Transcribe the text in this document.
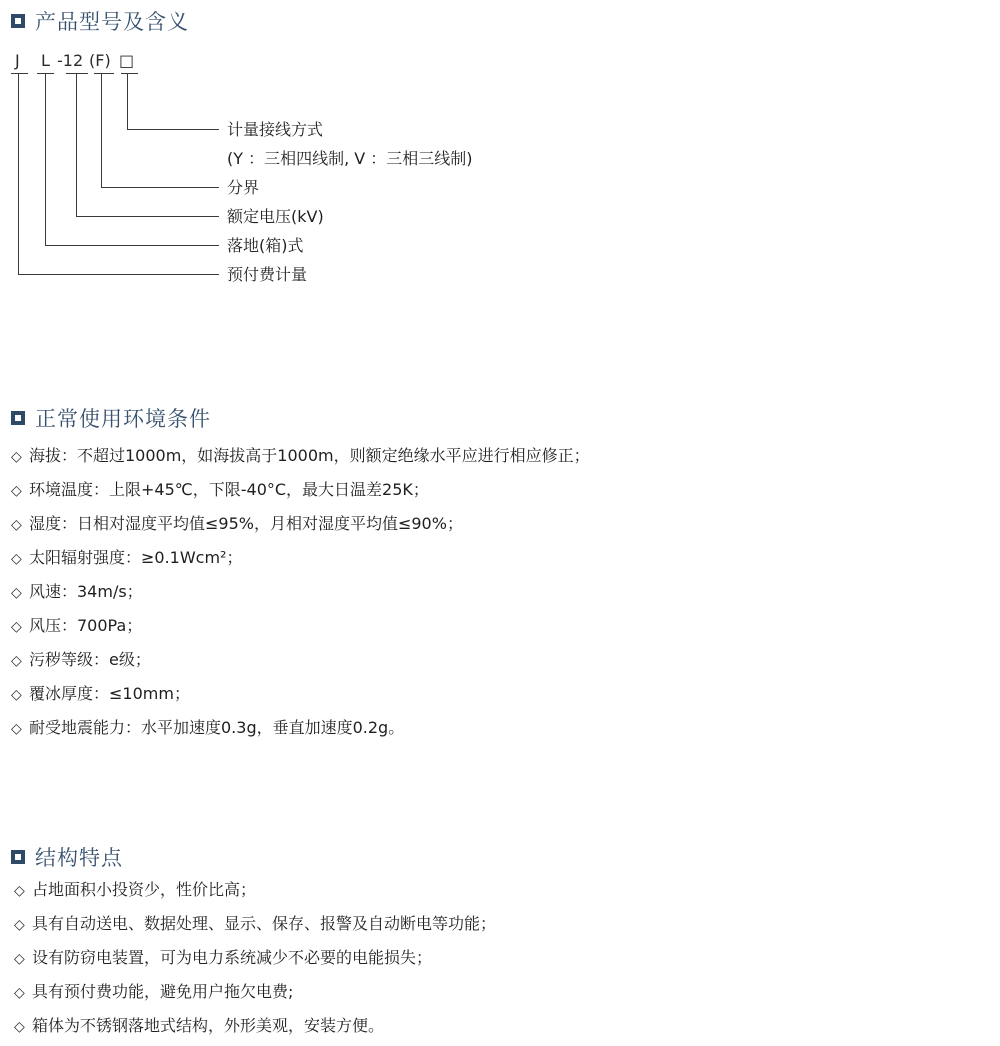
产品型号及含义
J L -12 (F) □
计量接线方式
(Y ：三相四线制, V ：三相三线制)
分界
额定电压(kV)
落地(箱)式
预付费计量
正常使用环境条件
◇ 海拔：不超过1000m，如海拔高于1000m，则额定绝缘水平应进行相应修正；
◇ 环境温度：上限+45℃，下限-40°C，最大日温差25K；
◇ 湿度：日相对湿度平均值≤95%，月相对湿度平均值≤90%；
◇ 太阳辐射强度：≥0.1Wcm²；
◇ 风速：34m/s；
◇ 风压：700Pa；
◇ 污秽等级：e级；
◇ 覆冰厚度：≤10mm；
◇ 耐受地震能力：水平加速度0.3g，垂直加速度0.2g。
结构特点
◇ 占地面积小投资少，性价比高；
◇ 具有自动送电、数据处理、显示、保存、报警及自动断电等功能；
◇ 设有防窃电装置，可为电力系统减少不必要的电能损失；
◇ 具有预付费功能，避免用户拖欠电费;
◇ 箱体为不锈钢落地式结构，外形美观，安装方便。
